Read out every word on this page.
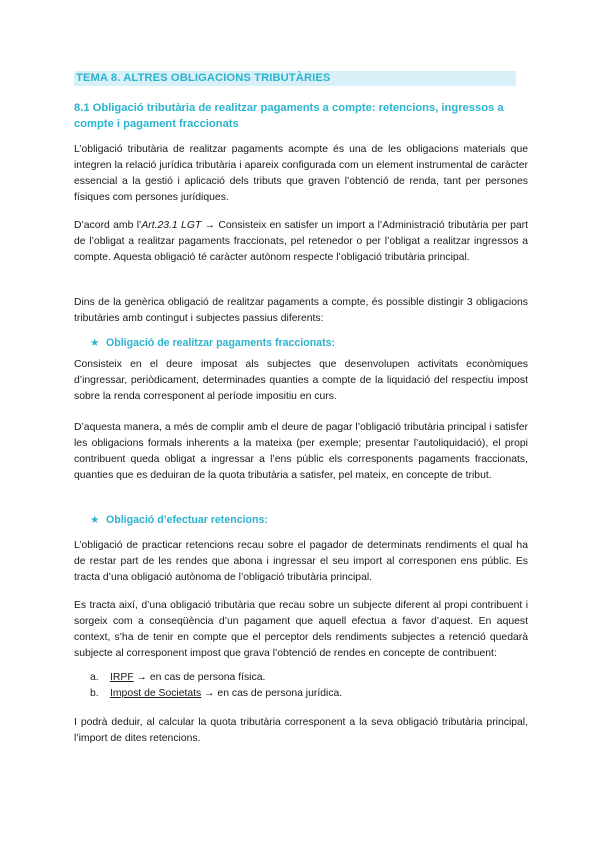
TEMA 8. ALTRES OBLIGACIONS TRIBUTÀRIES
8.1 Obligació tributària de realitzar pagaments a compte: retencions, ingressos a compte i pagament fraccionats
L’obligació tributària de realitzar pagaments acompte és una de les obligacions materials que integren la relació jurídica tributària i apareix configurada com un element instrumental de caràcter essencial a la gestió i aplicació dels tributs que graven l’obtenció de renda, tant per persones físiques com persones jurídiques.
D’acord amb l’Art.23.1 LGT → Consisteix en satisfer un import a l’Administració tributària per part de l’obligat a realitzar pagaments fraccionats, pel retenedor o per l’obligat a realitzar ingressos a compte. Aquesta obligació té caràcter autònom respecte l’obligació tributària principal.
Dins de la genèrica obligació de realitzar pagaments a compte, és possible distingir 3 obligacions tributàries amb contingut i subjectes passius diferents:
★ Obligació de realitzar pagaments fraccionats:
Consisteix en el deure imposat als subjectes que desenvolupen activitats econòmiques d’ingressar, periòdicament, determinades quanties a compte de la liquidació del respectiu impost sobre la renda corresponent al període impositiu en curs.
D’aquesta manera, a més de complir amb el deure de pagar l’obligació tributària principal i satisfer les obligacions formals inherents a la mateixa (per exemple; presentar l’autoliquidació), el propi contribuent queda obligat a ingressar a l’ens públic els corresponents pagaments fraccionats, quanties que es deduiran de la quota tributària a satisfer, pel mateix, en concepte de tribut.
★ Obligació d’efectuar retencions:
L’obligació de practicar retencions recau sobre el pagador de determinats rendiments el qual ha de restar part de les rendes que abona i ingressar el seu import al corresponen ens públic. Es tracta d’una obligació autònoma de l’obligació tributària principal.
Es tracta així, d’una obligació tributària que recau sobre un subjecte diferent al propi contribuent i sorgeix com a conseqüència d’un pagament que aquell efectua a favor d’aquest. En aquest context, s’ha de tenir en compte que el perceptor dels rendiments subjectes a retenció quedarà subjecte al corresponent impost que grava l’obtenció de rendes en concepte de contribuent:
a. IRPF → en cas de persona física.
b. Impost de Societats → en cas de persona jurídica.
I podrà deduir, al calcular la quota tributària corresponent a la seva obligació tributària principal, l’import de dites retencions.
